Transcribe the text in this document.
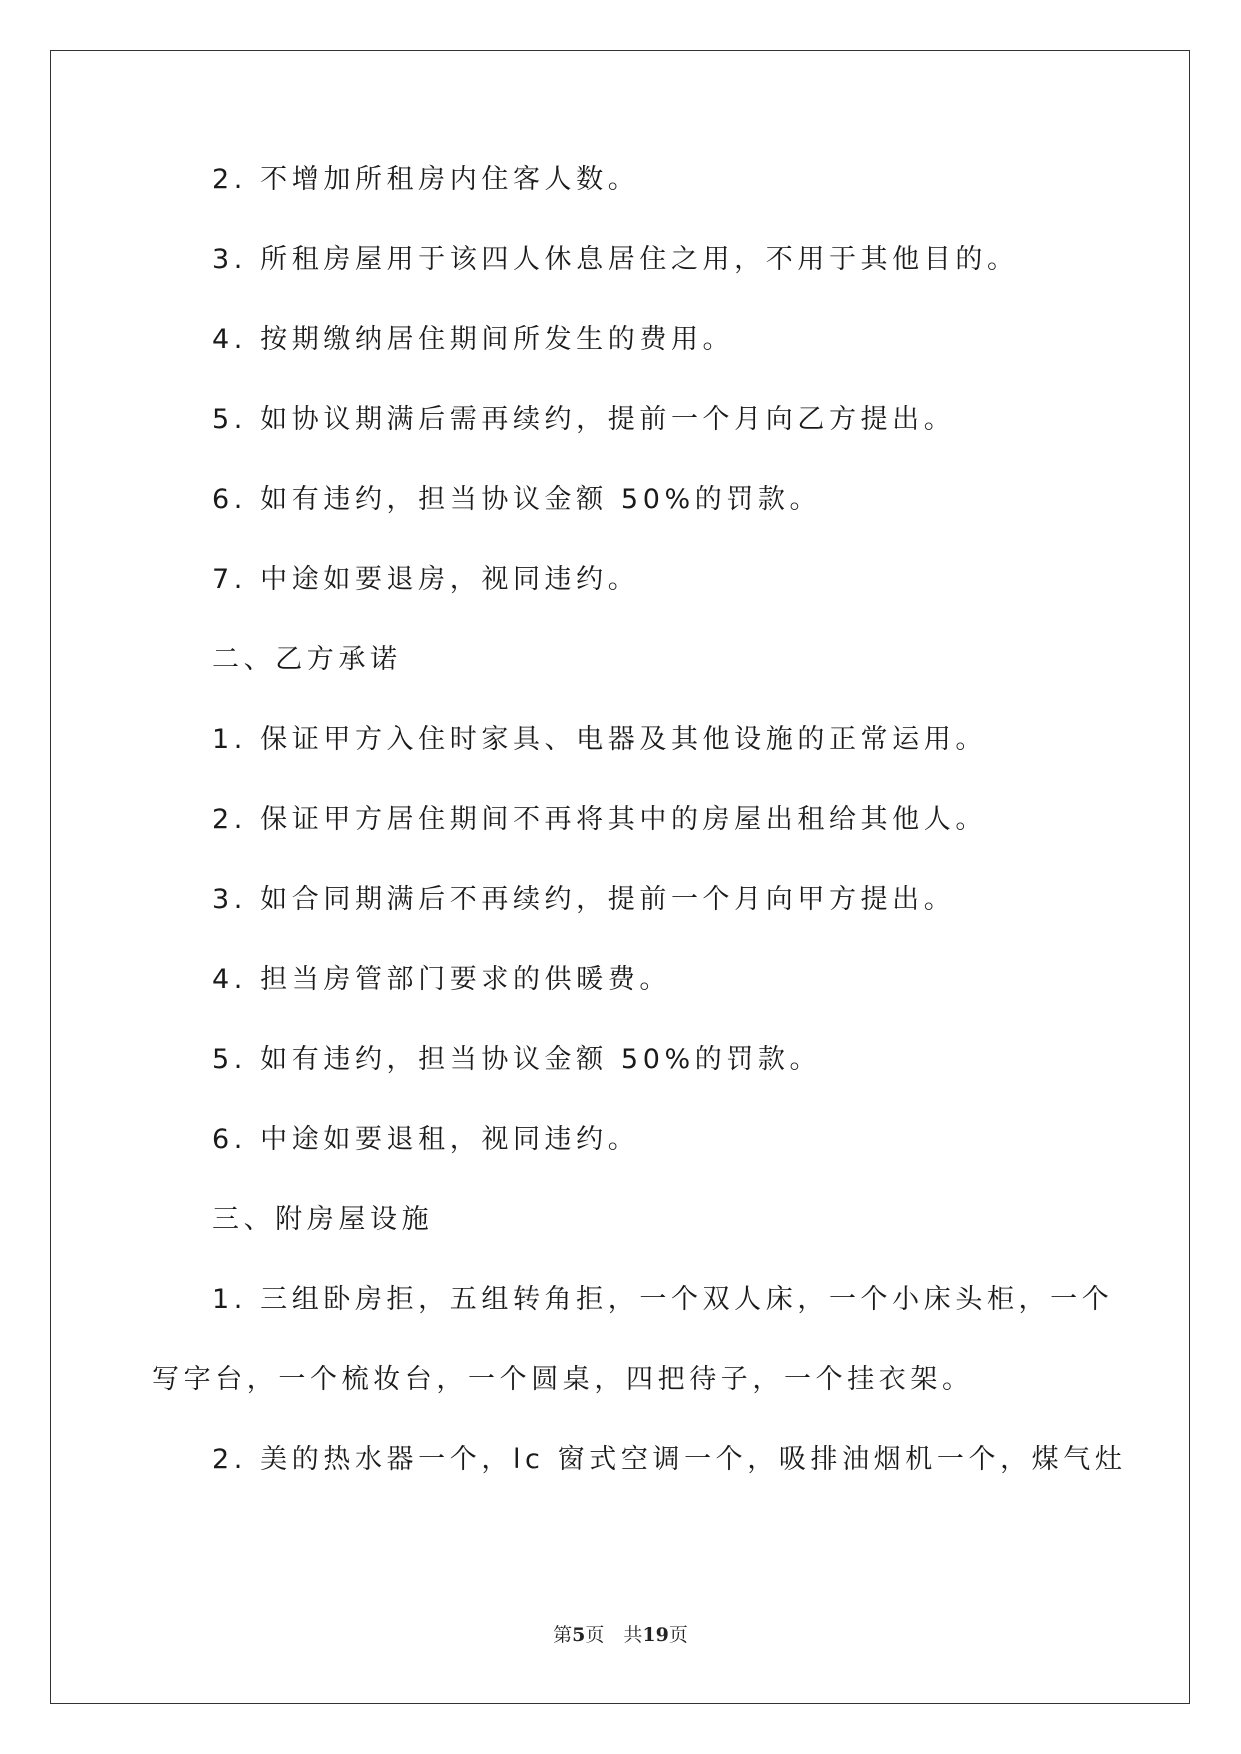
2. 不增加所租房内住客人数。
3. 所租房屋用于该四人休息居住之用，不用于其他目的。
4. 按期缴纳居住期间所发生的费用。
5. 如协议期满后需再续约，提前一个月向乙方提出。
6. 如有违约，担当协议金额 50%的罚款。
7. 中途如要退房，视同违约。
二、乙方承诺
1. 保证甲方入住时家具、电器及其他设施的正常运用。
2. 保证甲方居住期间不再将其中的房屋出租给其他人。
3. 如合同期满后不再续约，提前一个月向甲方提出。
4. 担当房管部门要求的供暖费。
5. 如有违约，担当协议金额 50%的罚款。
6. 中途如要退租，视同违约。
三、附房屋设施
1. 三组卧房拒，五组转角拒，一个双人床，一个小床头柜，一个
写字台，一个梳妆台，一个圆桌，四把待子，一个挂衣架。
2. 美的热水器一个，lc 窗式空调一个，吸排油烟机一个，煤气灶
第5页　共19页
